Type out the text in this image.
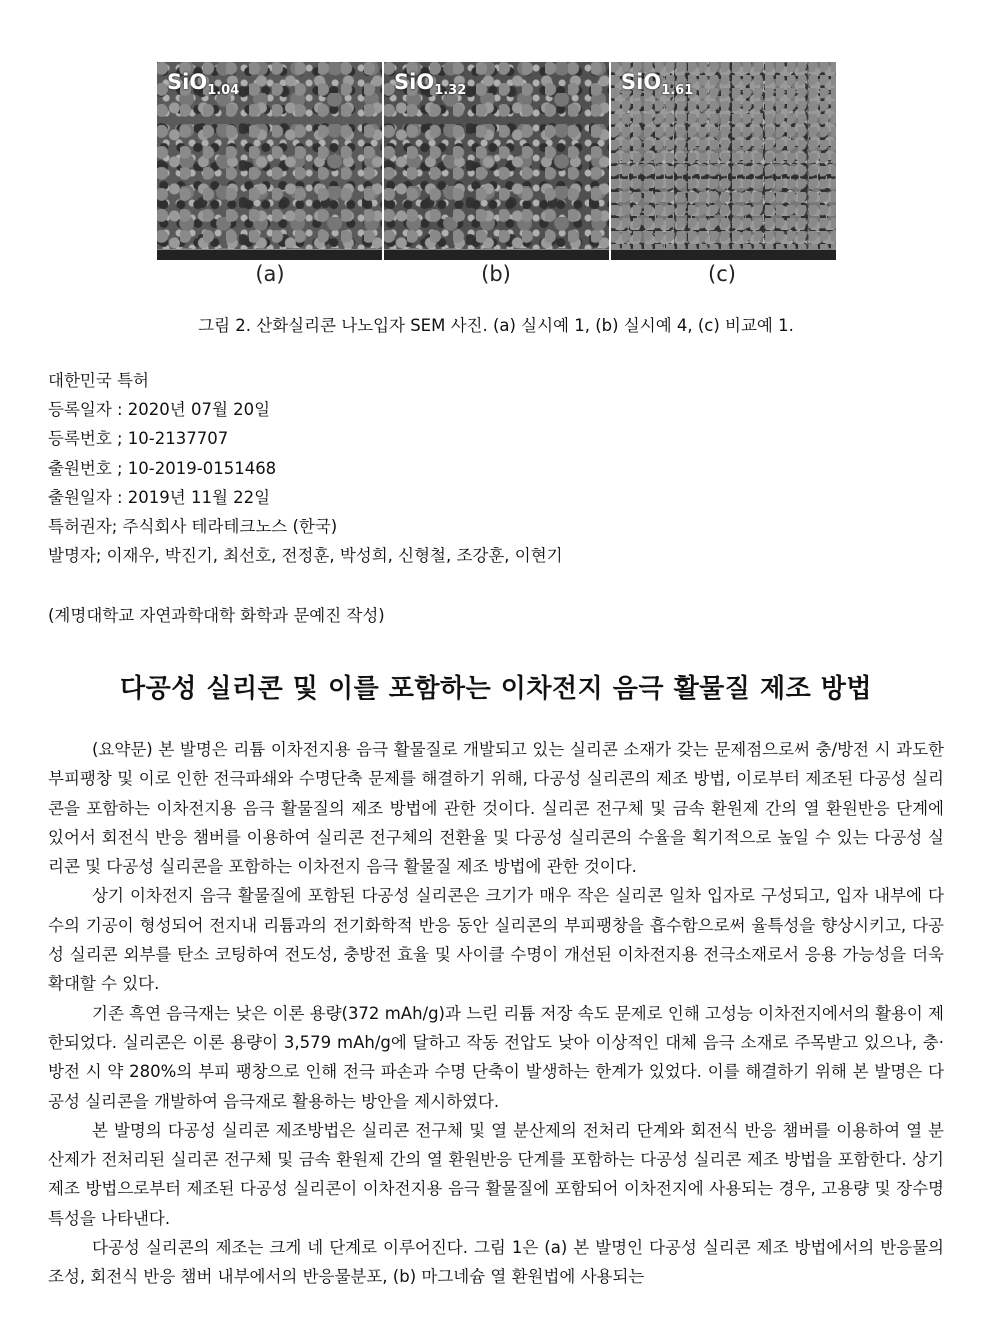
SiO$_{1.04}$	SiO$_{1.32}$	SiO$_{1.61}$
(a)	(b)	(c)
그림 2. 산화실리콘 나노입자 SEM 사진. (a) 실시예 1, (b) 실시예 4, (c) 비교예 1.
대한민국 특허
등록일자 : 2020년 07월 20일
등록번호 ; 10-2137707
출원번호 ; 10-2019-0151468
출원일자 : 2019년 11월 22일
특허권자; 주식회사 테라테크노스 (한국)
발명자; 이재우, 박진기, 최선호, 전정훈, 박성희, 신형철, 조강훈, 이현기
(계명대학교 자연과학대학 화학과 문예진 작성)
다공성 실리콘 및 이를 포함하는 이차전지 음극 활물질 제조 방법

(요약문) 본 발명은 리튬 이차전지용 음극 활물질로 개발되고 있는 실리콘 소재가 갖는 문제점으로써 충/방전 시 과도한 부피팽창 및 이로 인한 전극파쇄와 수명단축 문제를 해결하기 위해, 다공성 실리콘의 제조 방법, 이로부터 제조된 다공성 실리콘을 포함하는 이차전지용 음극 활물질의 제조 방법에 관한 것이다. 실리콘 전구체 및 금속 환원제 간의 열 환원반응 단계에 있어서 회전식 반응 챔버를 이용하여 실리콘 전구체의 전환율 및 다공성 실리콘의 수율을 획기적으로 높일 수 있는 다공성 실리콘 및 다공성 실리콘을 포함하는 이차전지 음극 활물질 제조 방법에 관한 것이다.

상기 이차전지 음극 활물질에 포함된 다공성 실리콘은 크기가 매우 작은 실리콘 일차 입자로 구성되고, 입자 내부에 다수의 기공이 형성되어 전지내 리튬과의 전기화학적 반응 동안 실리콘의 부피팽창을 흡수함으로써 율특성을 향상시키고, 다공성 실리콘 외부를 탄소 코팅하여 전도성, 충방전 효율 및 사이클 수명이 개선된 이차전지용 전극소재로서 응용 가능성을 더욱 확대할 수 있다.

기존 흑연 음극재는 낮은 이론 용량(372 mAh/g)과 느린 리튬 저장 속도 문제로 인해 고성능 이차전지에서의 활용이 제한되었다. 실리콘은 이론 용량이 3,579 mAh/g에 달하고 작동 전압도 낮아 이상적인 대체 음극 소재로 주목받고 있으나, 충·방전 시 약 280%의 부피 팽창으로 인해 전극 파손과 수명 단축이 발생하는 한계가 있었다. 이를 해결하기 위해 본 발명은 다공성 실리콘을 개발하여 음극재로 활용하는 방안을 제시하였다.

본 발명의 다공성 실리콘 제조방법은 실리콘 전구체 및 열 분산제의 전처리 단계와 회전식 반응 챔버를 이용하여 열 분산제가 전처리된 실리콘 전구체 및 금속 환원제 간의 열 환원반응 단계를 포함하는 다공성 실리콘 제조 방법을 포함한다. 상기 제조 방법으로부터 제조된 다공성 실리콘이 이차전지용 음극 활물질에 포함되어 이차전지에 사용되는 경우, 고용량 및 장수명 특성을 나타낸다.

다공성 실리콘의 제조는 크게 네 단계로 이루어진다. 그림 1은 (a) 본 발명인 다공성 실리콘 제조 방법에서의 반응물의 조성, 회전식 반응 챔버 내부에서의 반응물분포, (b) 마그네슘 열 환원법에 사용되는
